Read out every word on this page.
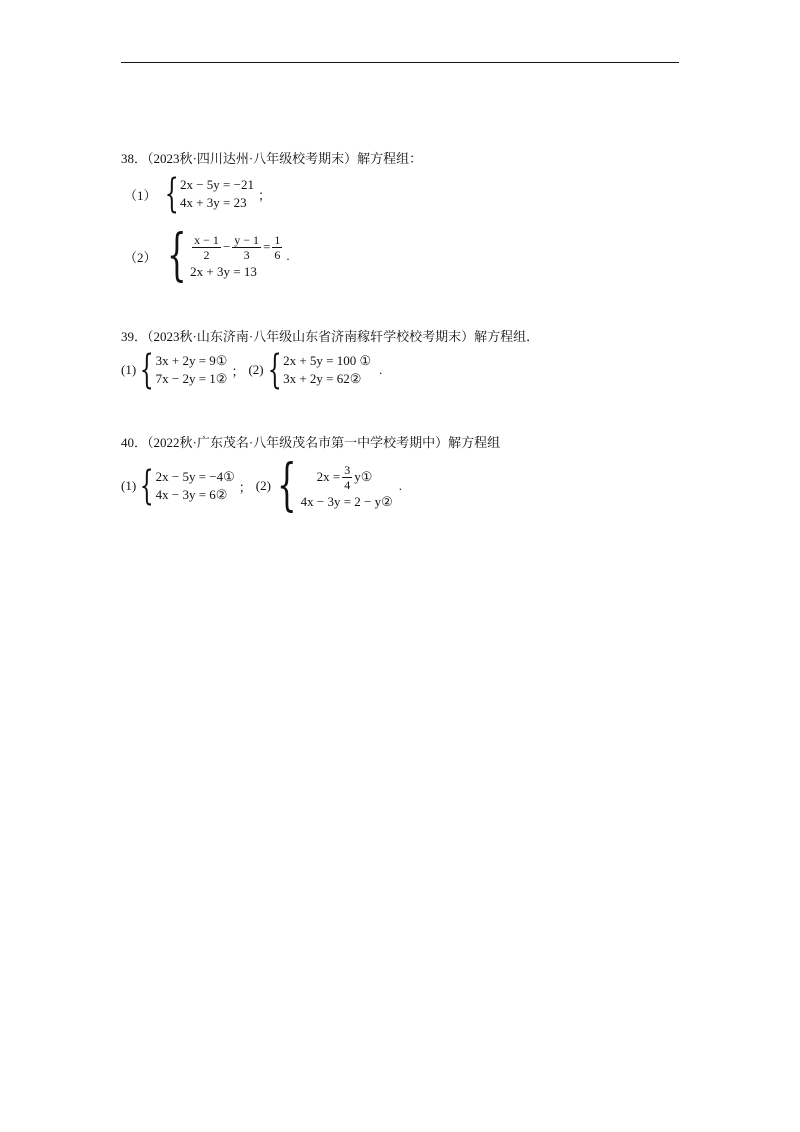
38．（2023秋·四川达州·八年级校考期末）解方程组：
（1） { 2x − 5y = −21
4x + 3y = 23 ；
（2） { $\frac{x - 1}{2} - \frac{y - 1}{3} = \frac{1}{6}$
2x + 3y = 13
.
39．（2023秋·山东济南·八年级山东省济南稼轩学校校考期末）解方程组．
(1) { 3x + 2y = 9①
7x − 2y = 1② ； (2) { 2x + 5y = 100 ①
3x + 2y = 62②
.
40．（2022秋·广东茂名·八年级茂名市第一中学校考期中）解方程组
(1) { 2x − 5y = −4①
4x − 3y = 6② ； (2) { $2x = \frac{3}{4}$ y①
4x − 3y = 2 − y②
.
